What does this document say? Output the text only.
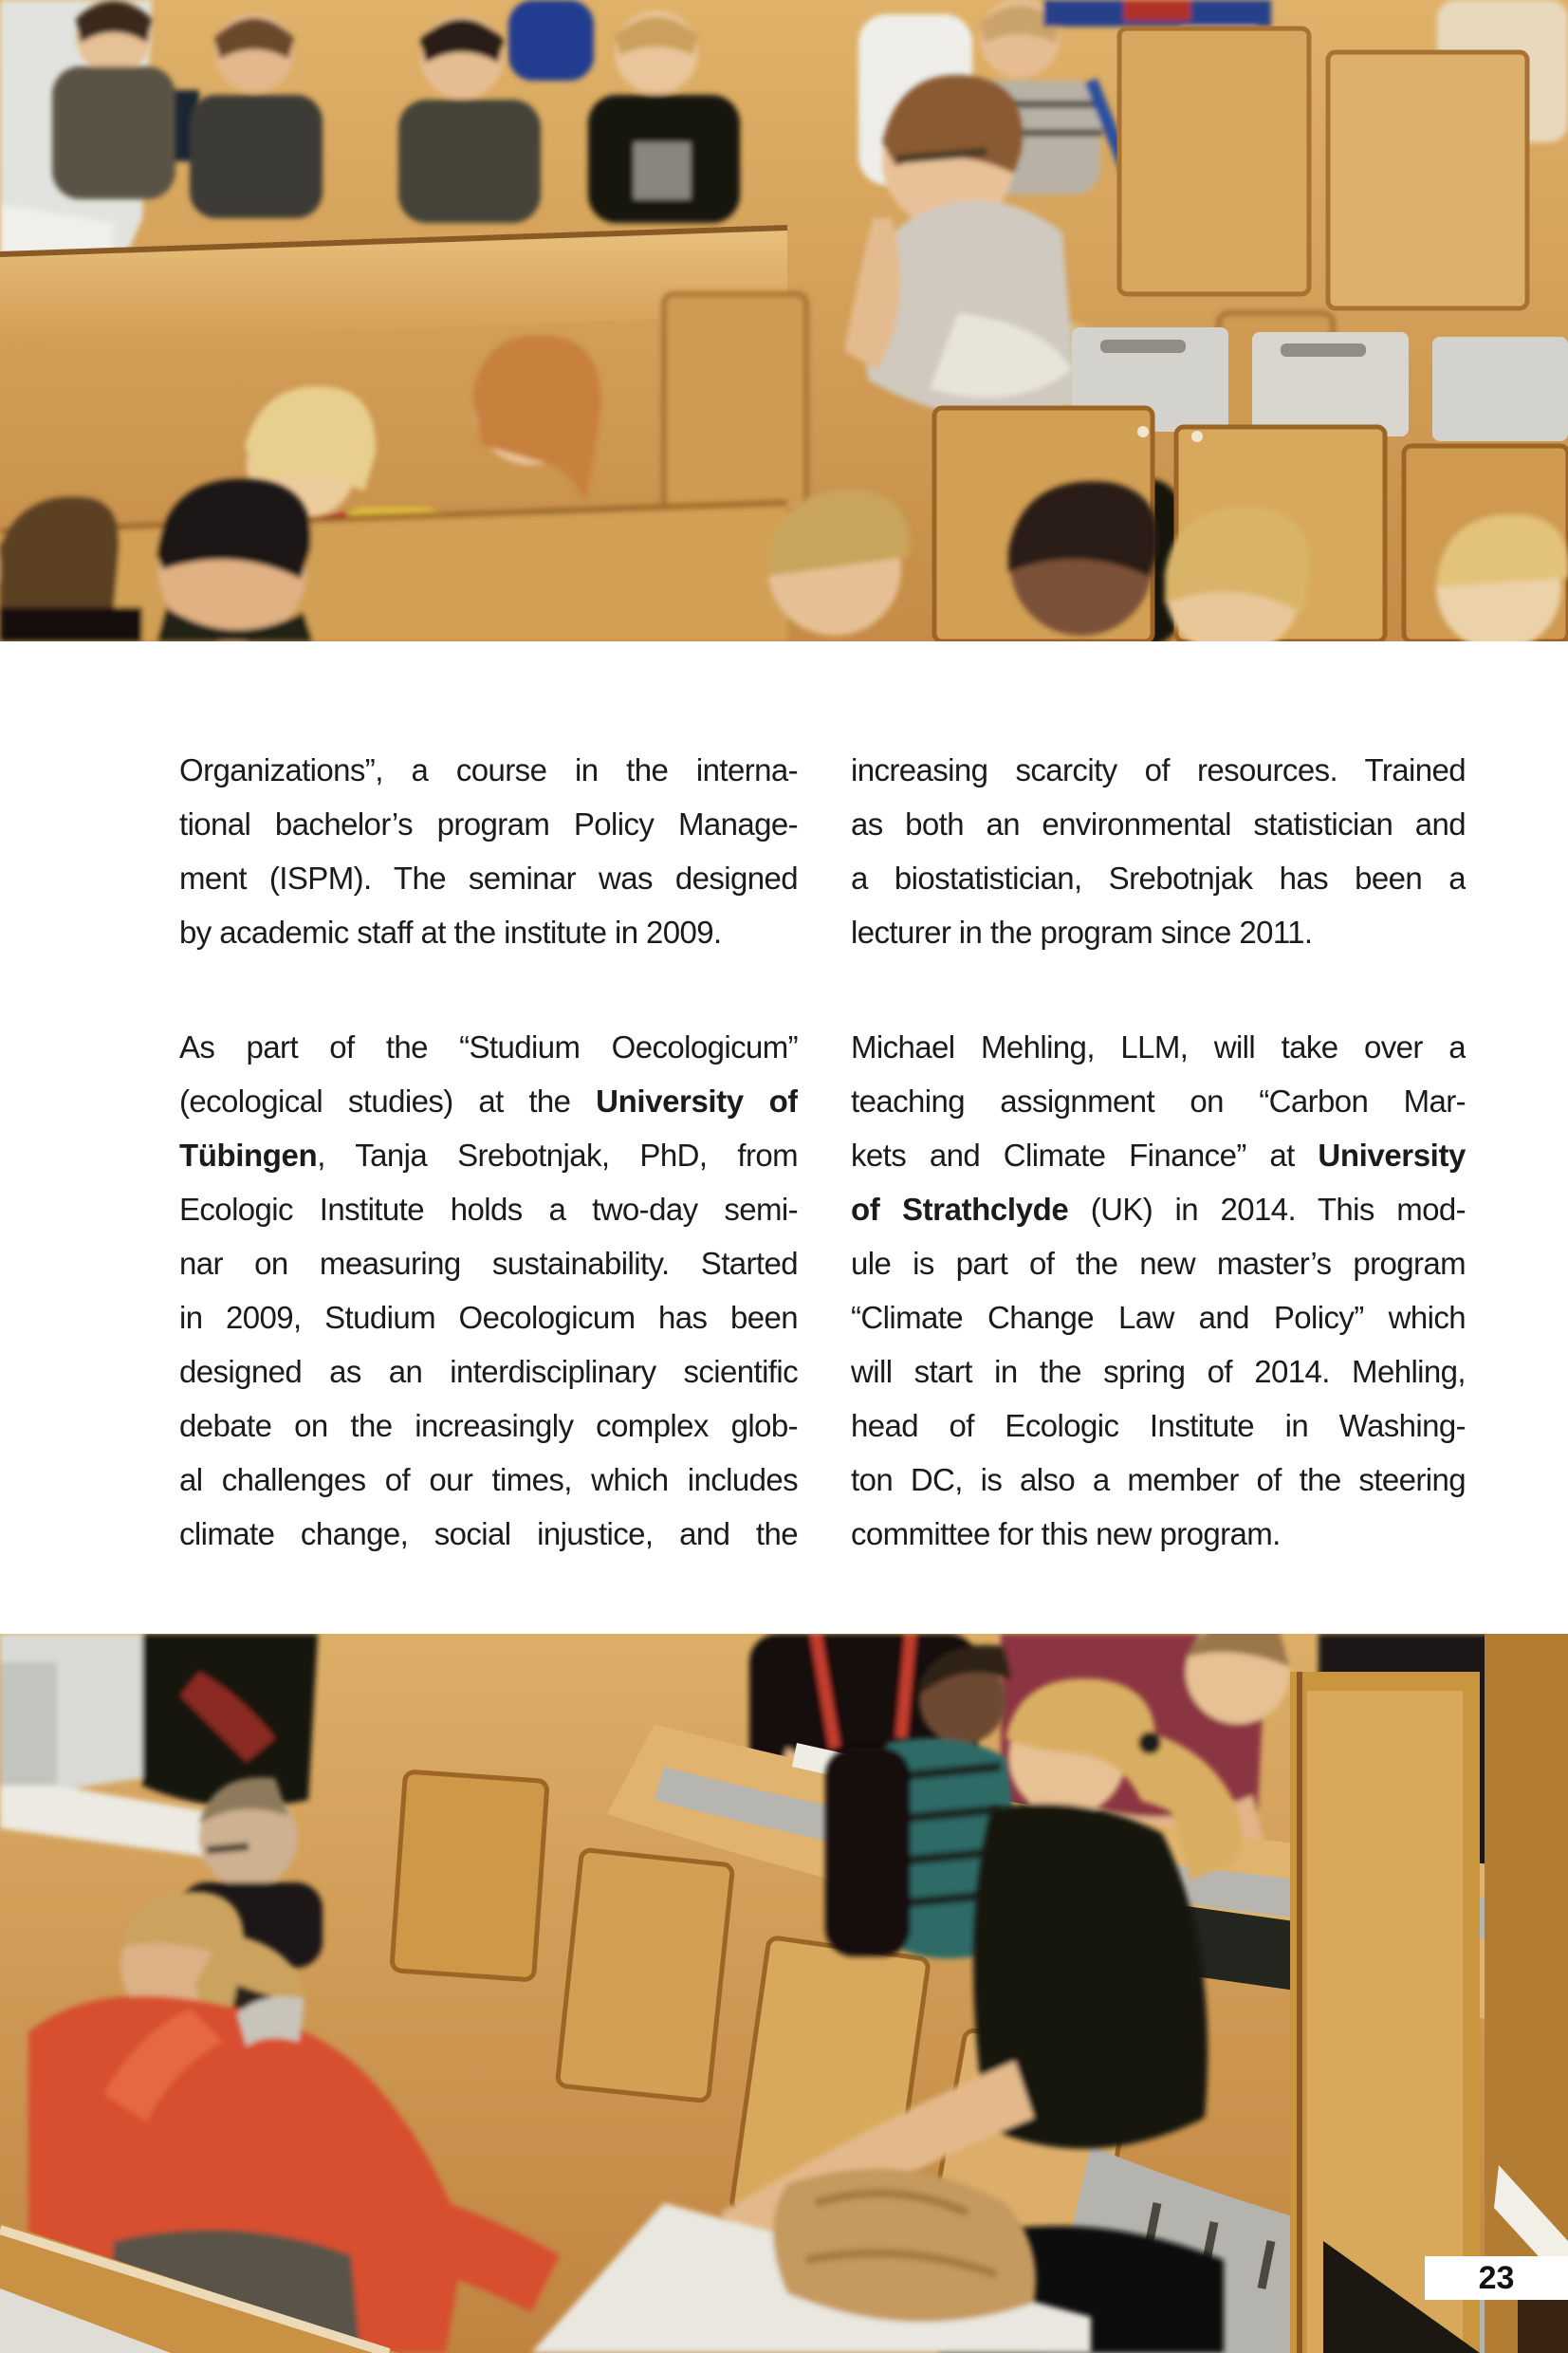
Organizations”, a course in the interna-
tional bachelor’s program Policy Manage-
ment (ISPM). The seminar was designed
by academic staff at the institute in 2009.
As part of the “Studium Oecologicum”
(ecological studies) at the University of
Tübingen, Tanja Srebotnjak, PhD, from
Ecologic Institute holds a two-day semi-
nar on measuring sustainability. Started
in 2009, Studium Oecologicum has been
designed as an interdisciplinary scientific
debate on the increasingly complex glob-
al challenges of our times, which includes
climate change, social injustice, and the
increasing scarcity of resources. Trained
as both an environmental statistician and
a biostatistician, Srebotnjak has been a
lecturer in the program since 2011.
Michael Mehling, LLM, will take over a
teaching assignment on “Carbon Mar-
kets and Climate Finance” at University
of Strathclyde (UK) in 2014. This mod-
ule is part of the new master’s program
“Climate Change Law and Policy” which
will start in the spring of 2014. Mehling,
head of Ecologic Institute in Washing-
ton DC, is also a member of the steering
committee for this new program.
23
